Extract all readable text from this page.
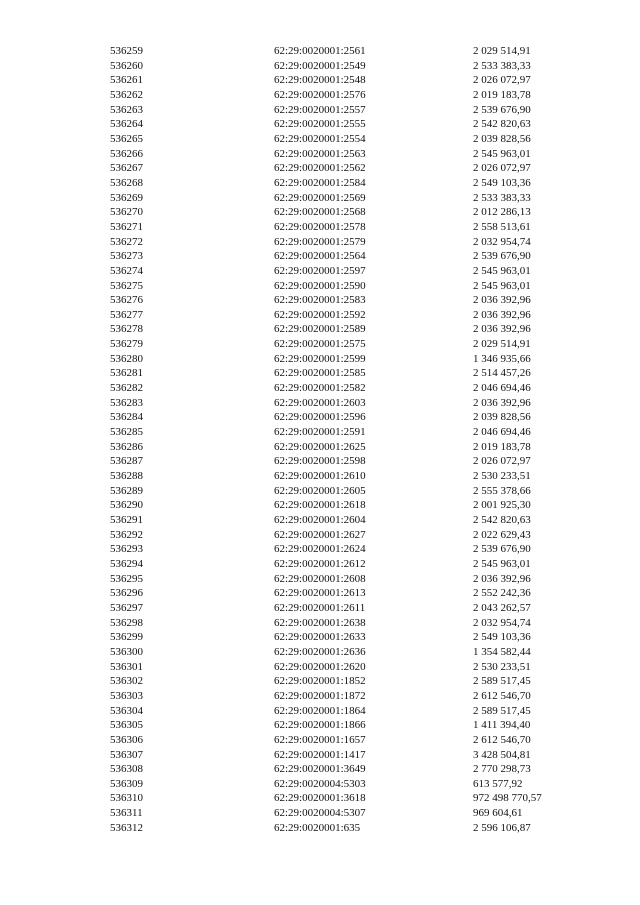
536259	62:29:0020001:2561	2 029 514,91
536260	62:29:0020001:2549	2 533 383,33
536261	62:29:0020001:2548	2 026 072,97
536262	62:29:0020001:2576	2 019 183,78
536263	62:29:0020001:2557	2 539 676,90
536264	62:29:0020001:2555	2 542 820,63
536265	62:29:0020001:2554	2 039 828,56
536266	62:29:0020001:2563	2 545 963,01
536267	62:29:0020001:2562	2 026 072,97
536268	62:29:0020001:2584	2 549 103,36
536269	62:29:0020001:2569	2 533 383,33
536270	62:29:0020001:2568	2 012 286,13
536271	62:29:0020001:2578	2 558 513,61
536272	62:29:0020001:2579	2 032 954,74
536273	62:29:0020001:2564	2 539 676,90
536274	62:29:0020001:2597	2 545 963,01
536275	62:29:0020001:2590	2 545 963,01
536276	62:29:0020001:2583	2 036 392,96
536277	62:29:0020001:2592	2 036 392,96
536278	62:29:0020001:2589	2 036 392,96
536279	62:29:0020001:2575	2 029 514,91
536280	62:29:0020001:2599	1 346 935,66
536281	62:29:0020001:2585	2 514 457,26
536282	62:29:0020001:2582	2 046 694,46
536283	62:29:0020001:2603	2 036 392,96
536284	62:29:0020001:2596	2 039 828,56
536285	62:29:0020001:2591	2 046 694,46
536286	62:29:0020001:2625	2 019 183,78
536287	62:29:0020001:2598	2 026 072,97
536288	62:29:0020001:2610	2 530 233,51
536289	62:29:0020001:2605	2 555 378,66
536290	62:29:0020001:2618	2 001 925,30
536291	62:29:0020001:2604	2 542 820,63
536292	62:29:0020001:2627	2 022 629,43
536293	62:29:0020001:2624	2 539 676,90
536294	62:29:0020001:2612	2 545 963,01
536295	62:29:0020001:2608	2 036 392,96
536296	62:29:0020001:2613	2 552 242,36
536297	62:29:0020001:2611	2 043 262,57
536298	62:29:0020001:2638	2 032 954,74
536299	62:29:0020001:2633	2 549 103,36
536300	62:29:0020001:2636	1 354 582,44
536301	62:29:0020001:2620	2 530 233,51
536302	62:29:0020001:1852	2 589 517,45
536303	62:29:0020001:1872	2 612 546,70
536304	62:29:0020001:1864	2 589 517,45
536305	62:29:0020001:1866	1 411 394,40
536306	62:29:0020001:1657	2 612 546,70
536307	62:29:0020001:1417	3 428 504,81
536308	62:29:0020001:3649	2 770 298,73
536309	62:29:0020004:5303	613 577,92
536310	62:29:0020001:3618	972 498 770,57
536311	62:29:0020004:5307	969 604,61
536312	62:29:0020001:635	2 596 106,87
